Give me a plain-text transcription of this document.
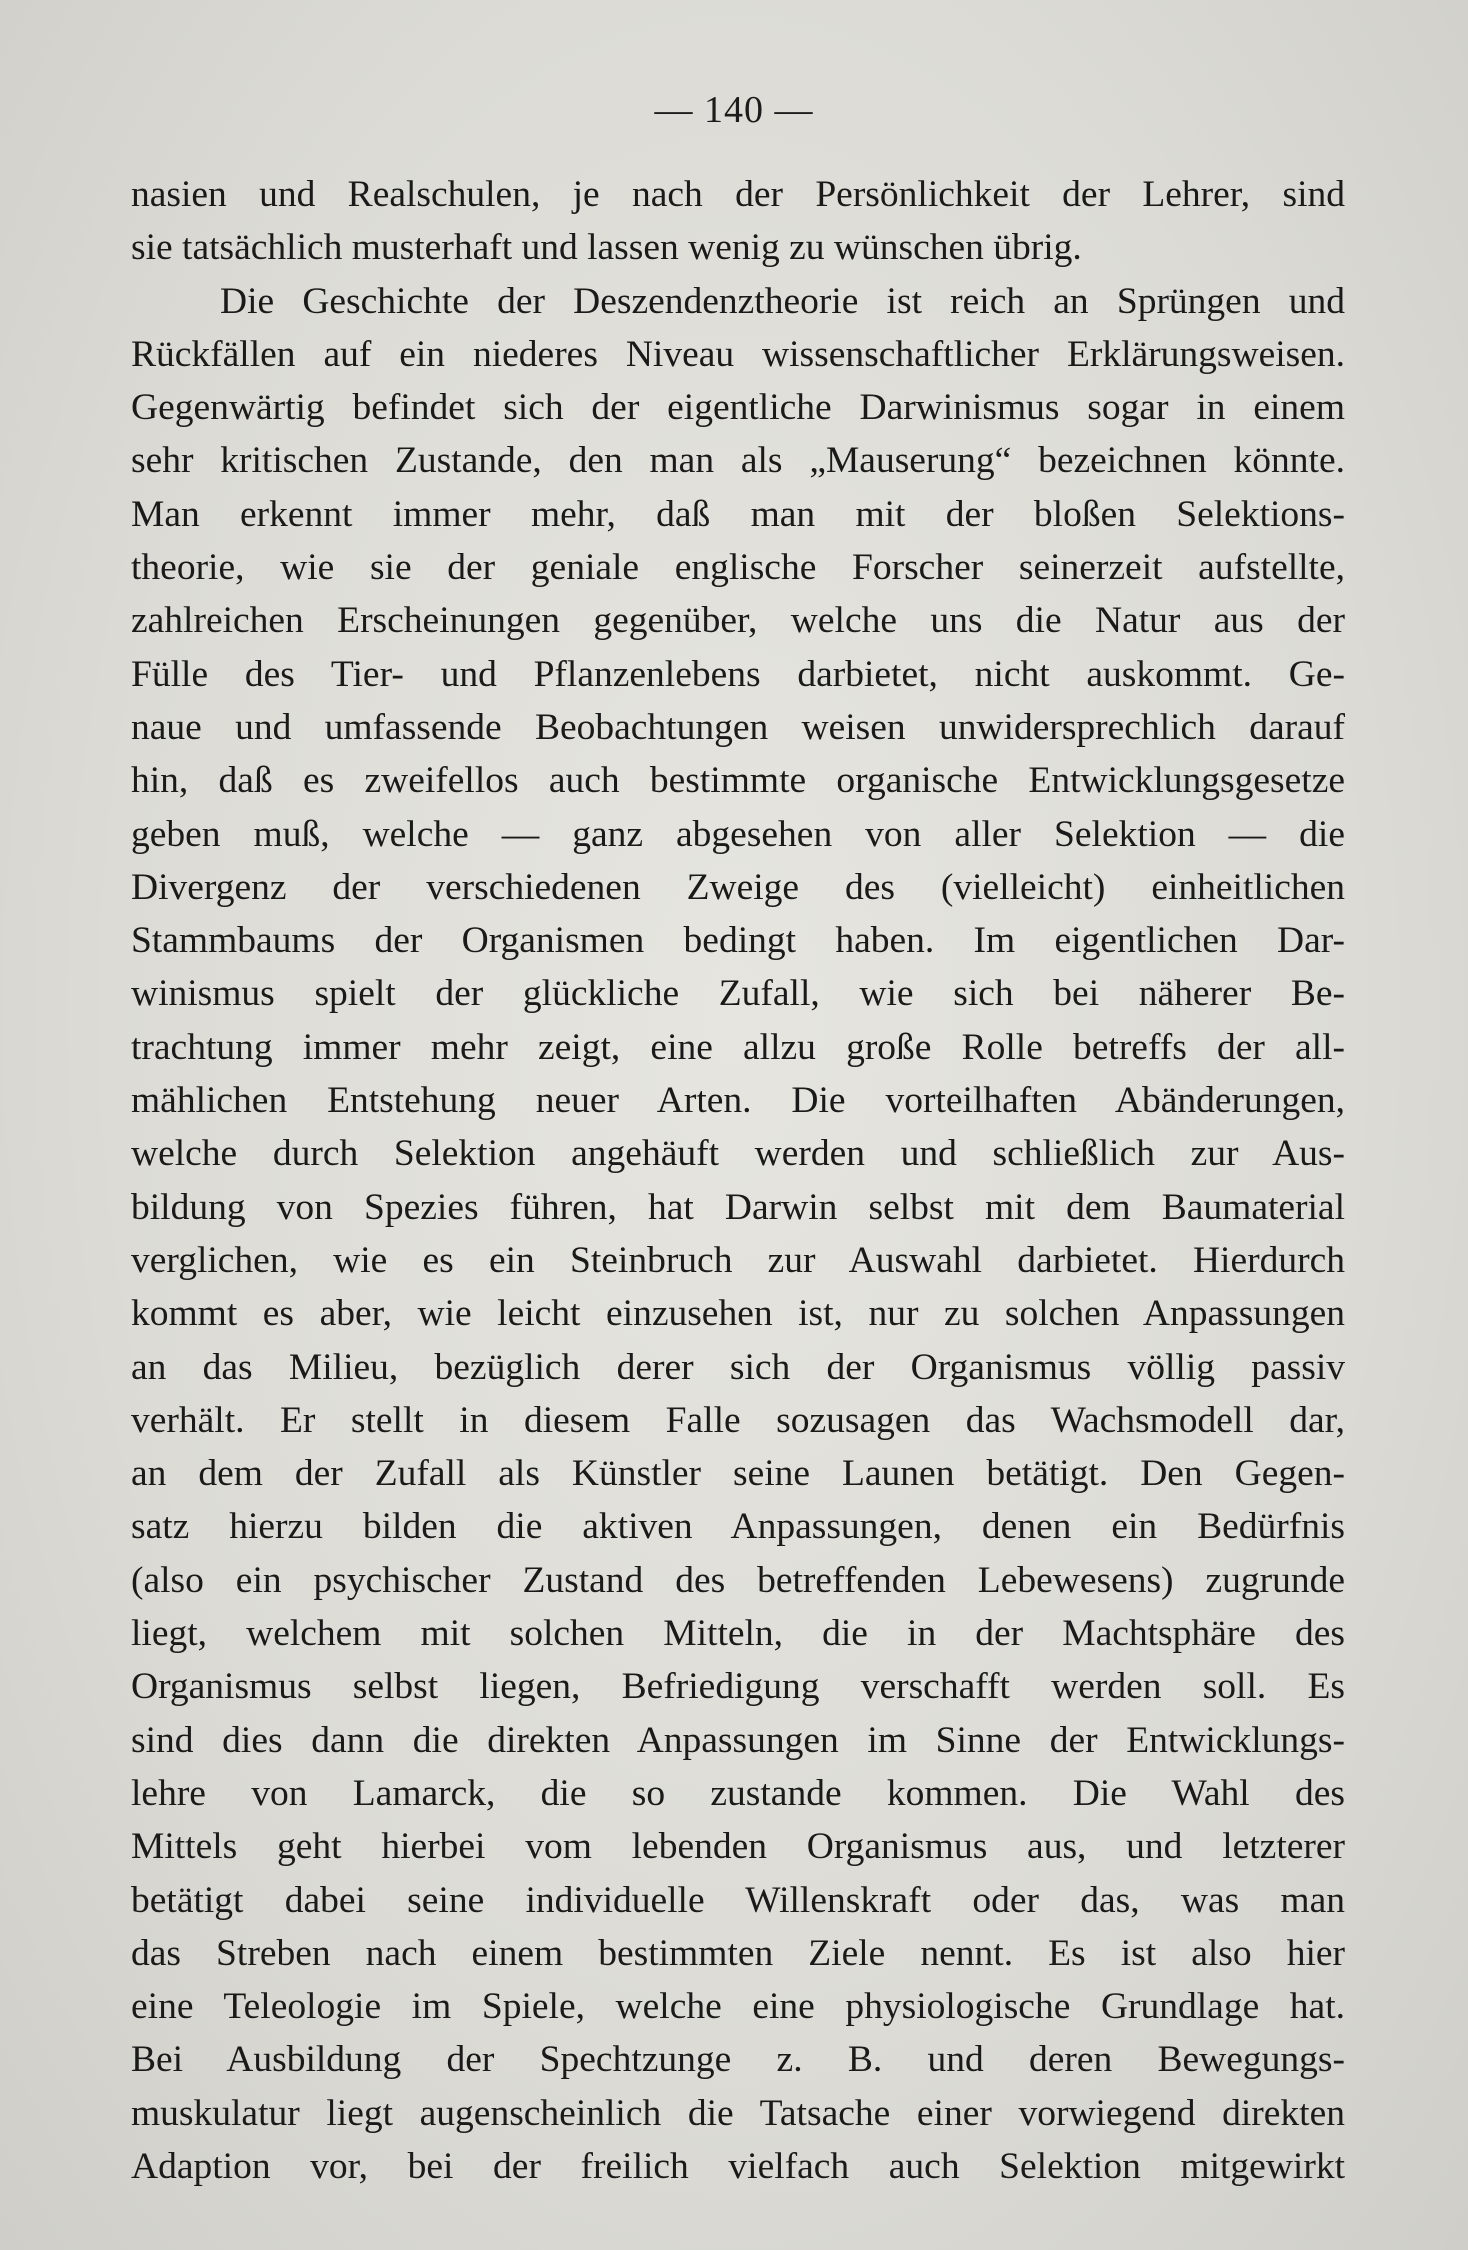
— 140 —
nasien und Realschulen, je nach der Persönlichkeit der Lehrer, sind
sie tatsächlich musterhaft und lassen wenig zu wünschen übrig.
Die Geschichte der Deszendenztheorie ist reich an Sprüngen und
Rückfällen auf ein niederes Niveau wissenschaftlicher Erklärungsweisen.
Gegenwärtig befindet sich der eigentliche Darwinismus sogar in einem
sehr kritischen Zustande, den man als „Mauserung“ bezeichnen könnte.
Man erkennt immer mehr, daß man mit der bloßen Selektions-
theorie, wie sie der geniale englische Forscher seinerzeit aufstellte,
zahlreichen Erscheinungen gegenüber, welche uns die Natur aus der
Fülle des Tier- und Pflanzenlebens darbietet, nicht auskommt. Ge-
naue und umfassende Beobachtungen weisen unwidersprechlich darauf
hin, daß es zweifellos auch bestimmte organische Entwicklungsgesetze
geben muß, welche — ganz abgesehen von aller Selektion — die
Divergenz der verschiedenen Zweige des (vielleicht) einheitlichen
Stammbaums der Organismen bedingt haben. Im eigentlichen Dar-
winismus spielt der glückliche Zufall, wie sich bei näherer Be-
trachtung immer mehr zeigt, eine allzu große Rolle betreffs der all-
mählichen Entstehung neuer Arten. Die vorteilhaften Abänderungen,
welche durch Selektion angehäuft werden und schließlich zur Aus-
bildung von Spezies führen, hat Darwin selbst mit dem Baumaterial
verglichen, wie es ein Steinbruch zur Auswahl darbietet. Hierdurch
kommt es aber, wie leicht einzusehen ist, nur zu solchen Anpassungen
an das Milieu, bezüglich derer sich der Organismus völlig passiv
verhält. Er stellt in diesem Falle sozusagen das Wachsmodell dar,
an dem der Zufall als Künstler seine Launen betätigt. Den Gegen-
satz hierzu bilden die aktiven Anpassungen, denen ein Bedürfnis
(also ein psychischer Zustand des betreffenden Lebewesens) zugrunde
liegt, welchem mit solchen Mitteln, die in der Machtsphäre des
Organismus selbst liegen, Befriedigung verschafft werden soll. Es
sind dies dann die direkten Anpassungen im Sinne der Entwicklungs-
lehre von Lamarck, die so zustande kommen. Die Wahl des
Mittels geht hierbei vom lebenden Organismus aus, und letzterer
betätigt dabei seine individuelle Willenskraft oder das, was man
das Streben nach einem bestimmten Ziele nennt. Es ist also hier
eine Teleologie im Spiele, welche eine physiologische Grundlage hat.
Bei Ausbildung der Spechtzunge z. B. und deren Bewegungs-
muskulatur liegt augenscheinlich die Tatsache einer vorwiegend direkten
Adaption vor, bei der freilich vielfach auch Selektion mitgewirkt
